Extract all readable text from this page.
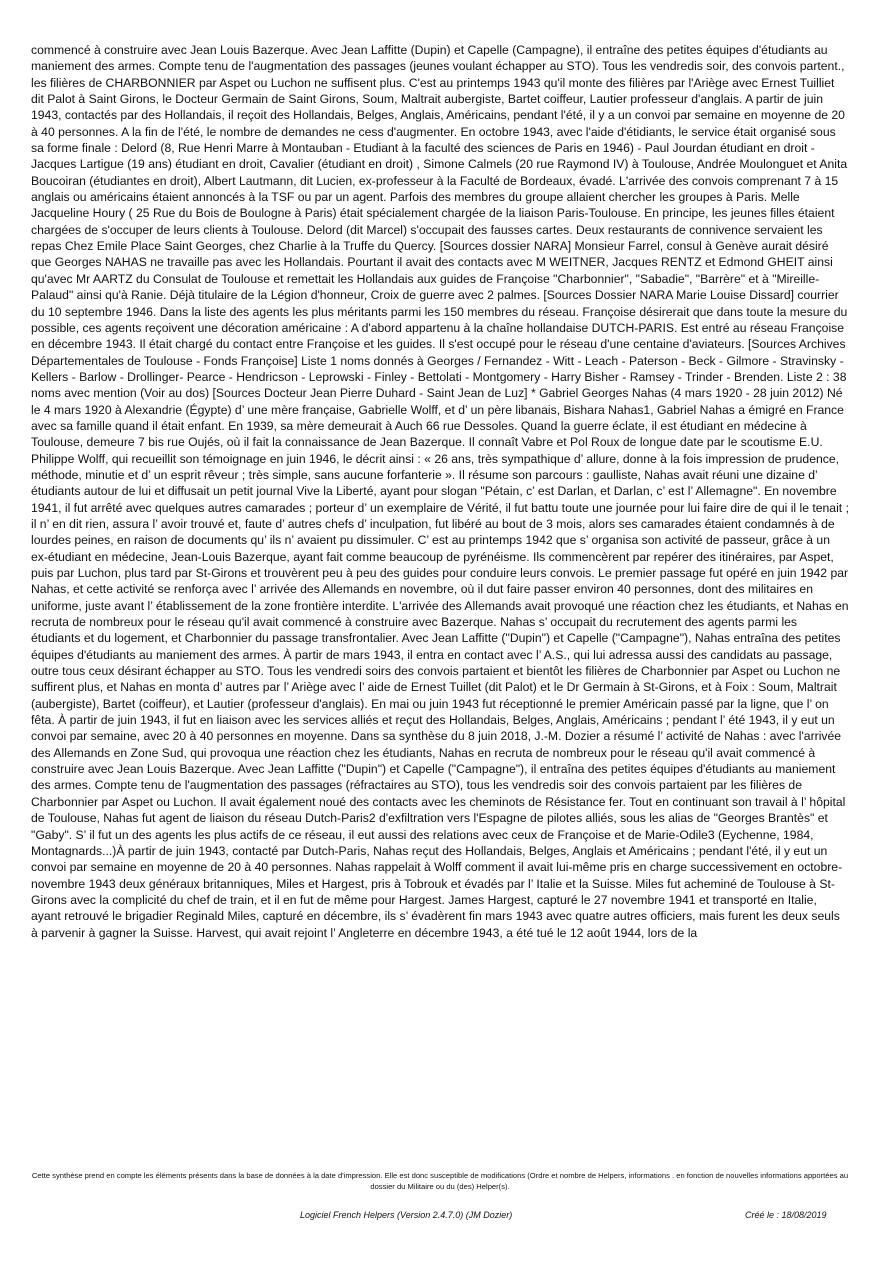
commencé à construire avec Jean Louis Bazerque. Avec Jean Laffitte (Dupin) et Capelle (Campagne), il entraîne des petites équipes d'étudiants au maniement des armes. Compte tenu de l'augmentation des passages (jeunes voulant échapper au STO). Tous les vendredis soir, des convois partent., les filières de CHARBONNIER par Aspet ou Luchon ne suffisent plus. C'est au printemps 1943 qu'il monte des filières par l'Ariège avec Ernest Tuilliet dit Palot à Saint Girons, le Docteur Germain de Saint Girons, Soum, Maltrait aubergiste, Bartet coiffeur, Lautier professeur d'anglais. A partir de juin 1943, contactés par des Hollandais, il reçoit des Hollandais, Belges, Anglais, Américains, pendant l'été, il y a un convoi par semaine en moyenne de 20 à 40 personnes. A la fin de l'été, le nombre de demandes ne cess d'augmenter. En octobre 1943, avec l'aide d'étidiants, le service était organisé sous sa forme finale : Delord (8, Rue Henri Marre à Montauban - Etudiant à la faculté des sciences de Paris en 1946) - Paul Jourdan étudiant en droit - Jacques Lartigue (19 ans) étudiant en droit, Cavalier (étudiant en droit) , Simone Calmels (20 rue Raymond IV) à Toulouse, Andrée Moulonguet et Anita Boucoiran (étudiantes en droit), Albert Lautmann, dit Lucien, ex-professeur à la Faculté de Bordeaux, évadé. L'arrivée des convois comprenant 7 à 15 anglais ou américains étaient annoncés à la TSF ou par un agent. Parfois des membres du groupe allaient chercher les groupes à Paris. Melle Jacqueline Houry ( 25 Rue du Bois de Boulogne à Paris) était spécialement chargée de la liaison Paris-Toulouse. En principe, les jeunes filles étaient chargées de s'occuper de leurs clients à Toulouse. Delord (dit Marcel) s'occupait des fausses cartes. Deux restaurants de connivence servaient les repas Chez Emile Place Saint Georges, chez Charlie à la Truffe du Quercy. [Sources dossier NARA] Monsieur Farrel, consul à Genève aurait désiré que Georges NAHAS ne travaille pas avec les Hollandais. Pourtant il avait des contacts avec M WEITNER, Jacques RENTZ et Edmond GHEIT ainsi qu'avec Mr AARTZ du Consulat de Toulouse et remettait les Hollandais aux guides de Françoise "Charbonnier", "Sabadie", "Barrère" et à "Mireille-Palaud" ainsi qu'à Ranie. Déjà titulaire de la Légion d'honneur, Croix de guerre avec 2 palmes. [Sources Dossier NARA Marie Louise Dissard] courrier du 10 septembre 1946. Dans la liste des agents les plus méritants parmi les 150 membres du réseau. Françoise désirerait que dans toute la mesure du possible, ces agents reçoivent une décoration américaine : A d'abord appartenu à la chaîne hollandaise DUTCH-PARIS. Est entré au réseau Françoise en décembre 1943. Il était chargé du contact entre Françoise et les guides. Il s'est occupé pour le réseau d'une centaine d'aviateurs. [Sources Archives Départementales de Toulouse - Fonds Françoise] Liste 1 noms donnés à Georges / Fernandez - Witt - Leach - Paterson - Beck - Gilmore - Stravinsky - Kellers - Barlow - Drollinger- Pearce - Hendricson - Leprowski - Finley - Bettolati - Montgomery - Harry Bisher - Ramsey - Trinder - Brenden. Liste 2 : 38 noms avec mention (Voir au dos) [Sources Docteur Jean Pierre Duhard - Saint Jean de Luz] * Gabriel Georges Nahas (4 mars 1920 - 28 juin 2012) Né le 4 mars 1920 à Alexandrie (Égypte) d’ une mère française, Gabrielle Wolff, et d’ un père libanais, Bishara Nahas1, Gabriel Nahas a émigré en France avec sa famille quand il était enfant. En 1939, sa mère demeurait à Auch 66 rue Dessoles. Quand la guerre éclate, il est étudiant en médecine à Toulouse, demeure 7 bis rue Oujés, où il fait la connaissance de Jean Bazerque. Il connaît Vabre et Pol Roux de longue date par le scoutisme E.U. Philippe Wolff, qui recueillit son témoignage en juin 1946, le décrit ainsi : « 26 ans, très sympathique d’ allure, donne à la fois impression de prudence, méthode, minutie et d’ un esprit rêveur ; très simple, sans aucune forfanterie ». Il résume son parcours : gaulliste, Nahas avait réuni une dizaine d’ étudiants autour de lui et diffusait un petit journal Vive la Liberté, ayant pour slogan "Pétain, c’ est Darlan, et Darlan, c’ est l’ Allemagne". En novembre 1941, il fut arrêté avec quelques autres camarades ; porteur d’ un exemplaire de Vérité, il fut battu toute une journée pour lui faire dire de qui il le tenait ; il n’ en dit rien, assura l’ avoir trouvé et, faute d’ autres chefs d’ inculpation, fut libéré au bout de 3 mois, alors ses camarades étaient condamnés à de lourdes peines, en raison de documents qu’ ils n’ avaient pu dissimuler. C’ est au printemps 1942 que s’ organisa son activité de passeur, grâce à un ex-étudiant en médecine, Jean-Louis Bazerque, ayant fait comme beaucoup de pyrénéisme. Ils commencèrent par repérer des itinéraires, par Aspet, puis par Luchon, plus tard par St-Girons et trouvèrent peu à peu des guides pour conduire leurs convois. Le premier passage fut opéré en juin 1942 par Nahas, et cette activité se renforça avec l’ arrivée des Allemands en novembre, où il dut faire passer environ 40 personnes, dont des militaires en uniforme, juste avant l’ établissement de la zone frontière interdite. L'arrivée des Allemands avait provoqué une réaction chez les étudiants, et Nahas en recruta de nombreux pour le réseau qu'il avait commencé à construire avec Bazerque. Nahas s’ occupait du recrutement des agents parmi les étudiants et du logement, et Charbonnier du passage transfrontalier. Avec Jean Laffitte ("Dupin") et Capelle ("Campagne"), Nahas entraîna des petites équipes d'étudiants au maniement des armes. À partir de mars 1943, il entra en contact avec l’ A.S., qui lui adressa aussi des candidats au passage, outre tous ceux désirant échapper au STO. Tous les vendredi soirs des convois partaient et bientôt les filières de Charbonnier par Aspet ou Luchon ne suffirent plus, et Nahas en monta d’ autres par l’ Ariège avec l’ aide de Ernest Tuillet (dit Palot) et le Dr Germain à St-Girons, et à Foix : Soum, Maltrait (aubergiste), Bartet (coiffeur), et Lautier (professeur d'anglais). En mai ou juin 1943 fut réceptionné le premier Américain passé par la ligne, que l’ on fêta. À partir de juin 1943, il fut en liaison avec les services alliés et reçut des Hollandais, Belges, Anglais, Américains ; pendant l’ été 1943, il y eut un convoi par semaine, avec 20 à 40 personnes en moyenne. Dans sa synthèse du 8 juin 2018, J.-M. Dozier a résumé l’ activité de Nahas : avec l'arrivée des Allemands en Zone Sud, qui provoqua une réaction chez les étudiants, Nahas en recruta de nombreux pour le réseau qu'il avait commencé à construire avec Jean Louis Bazerque. Avec Jean Laffitte ("Dupin") et Capelle ("Campagne"), il entraîna des petites équipes d'étudiants au maniement des armes. Compte tenu de l'augmentation des passages (réfractaires au STO), tous les vendredis soir des convois partaient par les filières de Charbonnier par Aspet ou Luchon. Il avait également noué des contacts avec les cheminots de Résistance fer. Tout en continuant son travail à l’ hôpital de Toulouse, Nahas fut agent de liaison du réseau Dutch-Paris2 d'exfiltration vers l'Espagne de pilotes alliés, sous les alias de "Georges Brantès" et "Gaby". S’ il fut un des agents les plus actifs de ce réseau, il eut aussi des relations avec ceux de Françoise et de Marie-Odile3 (Eychenne, 1984, Montagnards...)À partir de juin 1943, contacté par Dutch-Paris, Nahas reçut des Hollandais, Belges, Anglais et Américains ; pendant l'été, il y eut un convoi par semaine en moyenne de 20 à 40 personnes. Nahas rappelait à Wolff comment il avait lui-même pris en charge successivement en octobre-novembre 1943 deux généraux britanniques, Miles et Hargest, pris à Tobrouk et évadés par l’ Italie et la Suisse. Miles fut acheminé de Toulouse à St-Girons avec la complicité du chef de train, et il en fut de même pour Hargest. James Hargest, capturé le 27 novembre 1941 et transporté en Italie, ayant retrouvé le brigadier Reginald Miles, capturé en décembre, ils s’ évadèrent fin mars 1943 avec quatre autres officiers, mais furent les deux seuls à parvenir à gagner la Suisse. Harvest, qui avait rejoint l’ Angleterre en décembre 1943, a été tué le 12 août 1944, lors de la

Cette synthèse prend en compte les éléments présents dans la base de données à la date d'impression. Elle est donc susceptible de modifications (Ordre et nombre de Helpers, informations . en fonction de nouvelles informations apportées au dossier du Militaire ou du (des) Helper(s).

Logiciel French Helpers (Version 2.4.7.0) (JM Dozier)	Créé le : 18/08/2019
